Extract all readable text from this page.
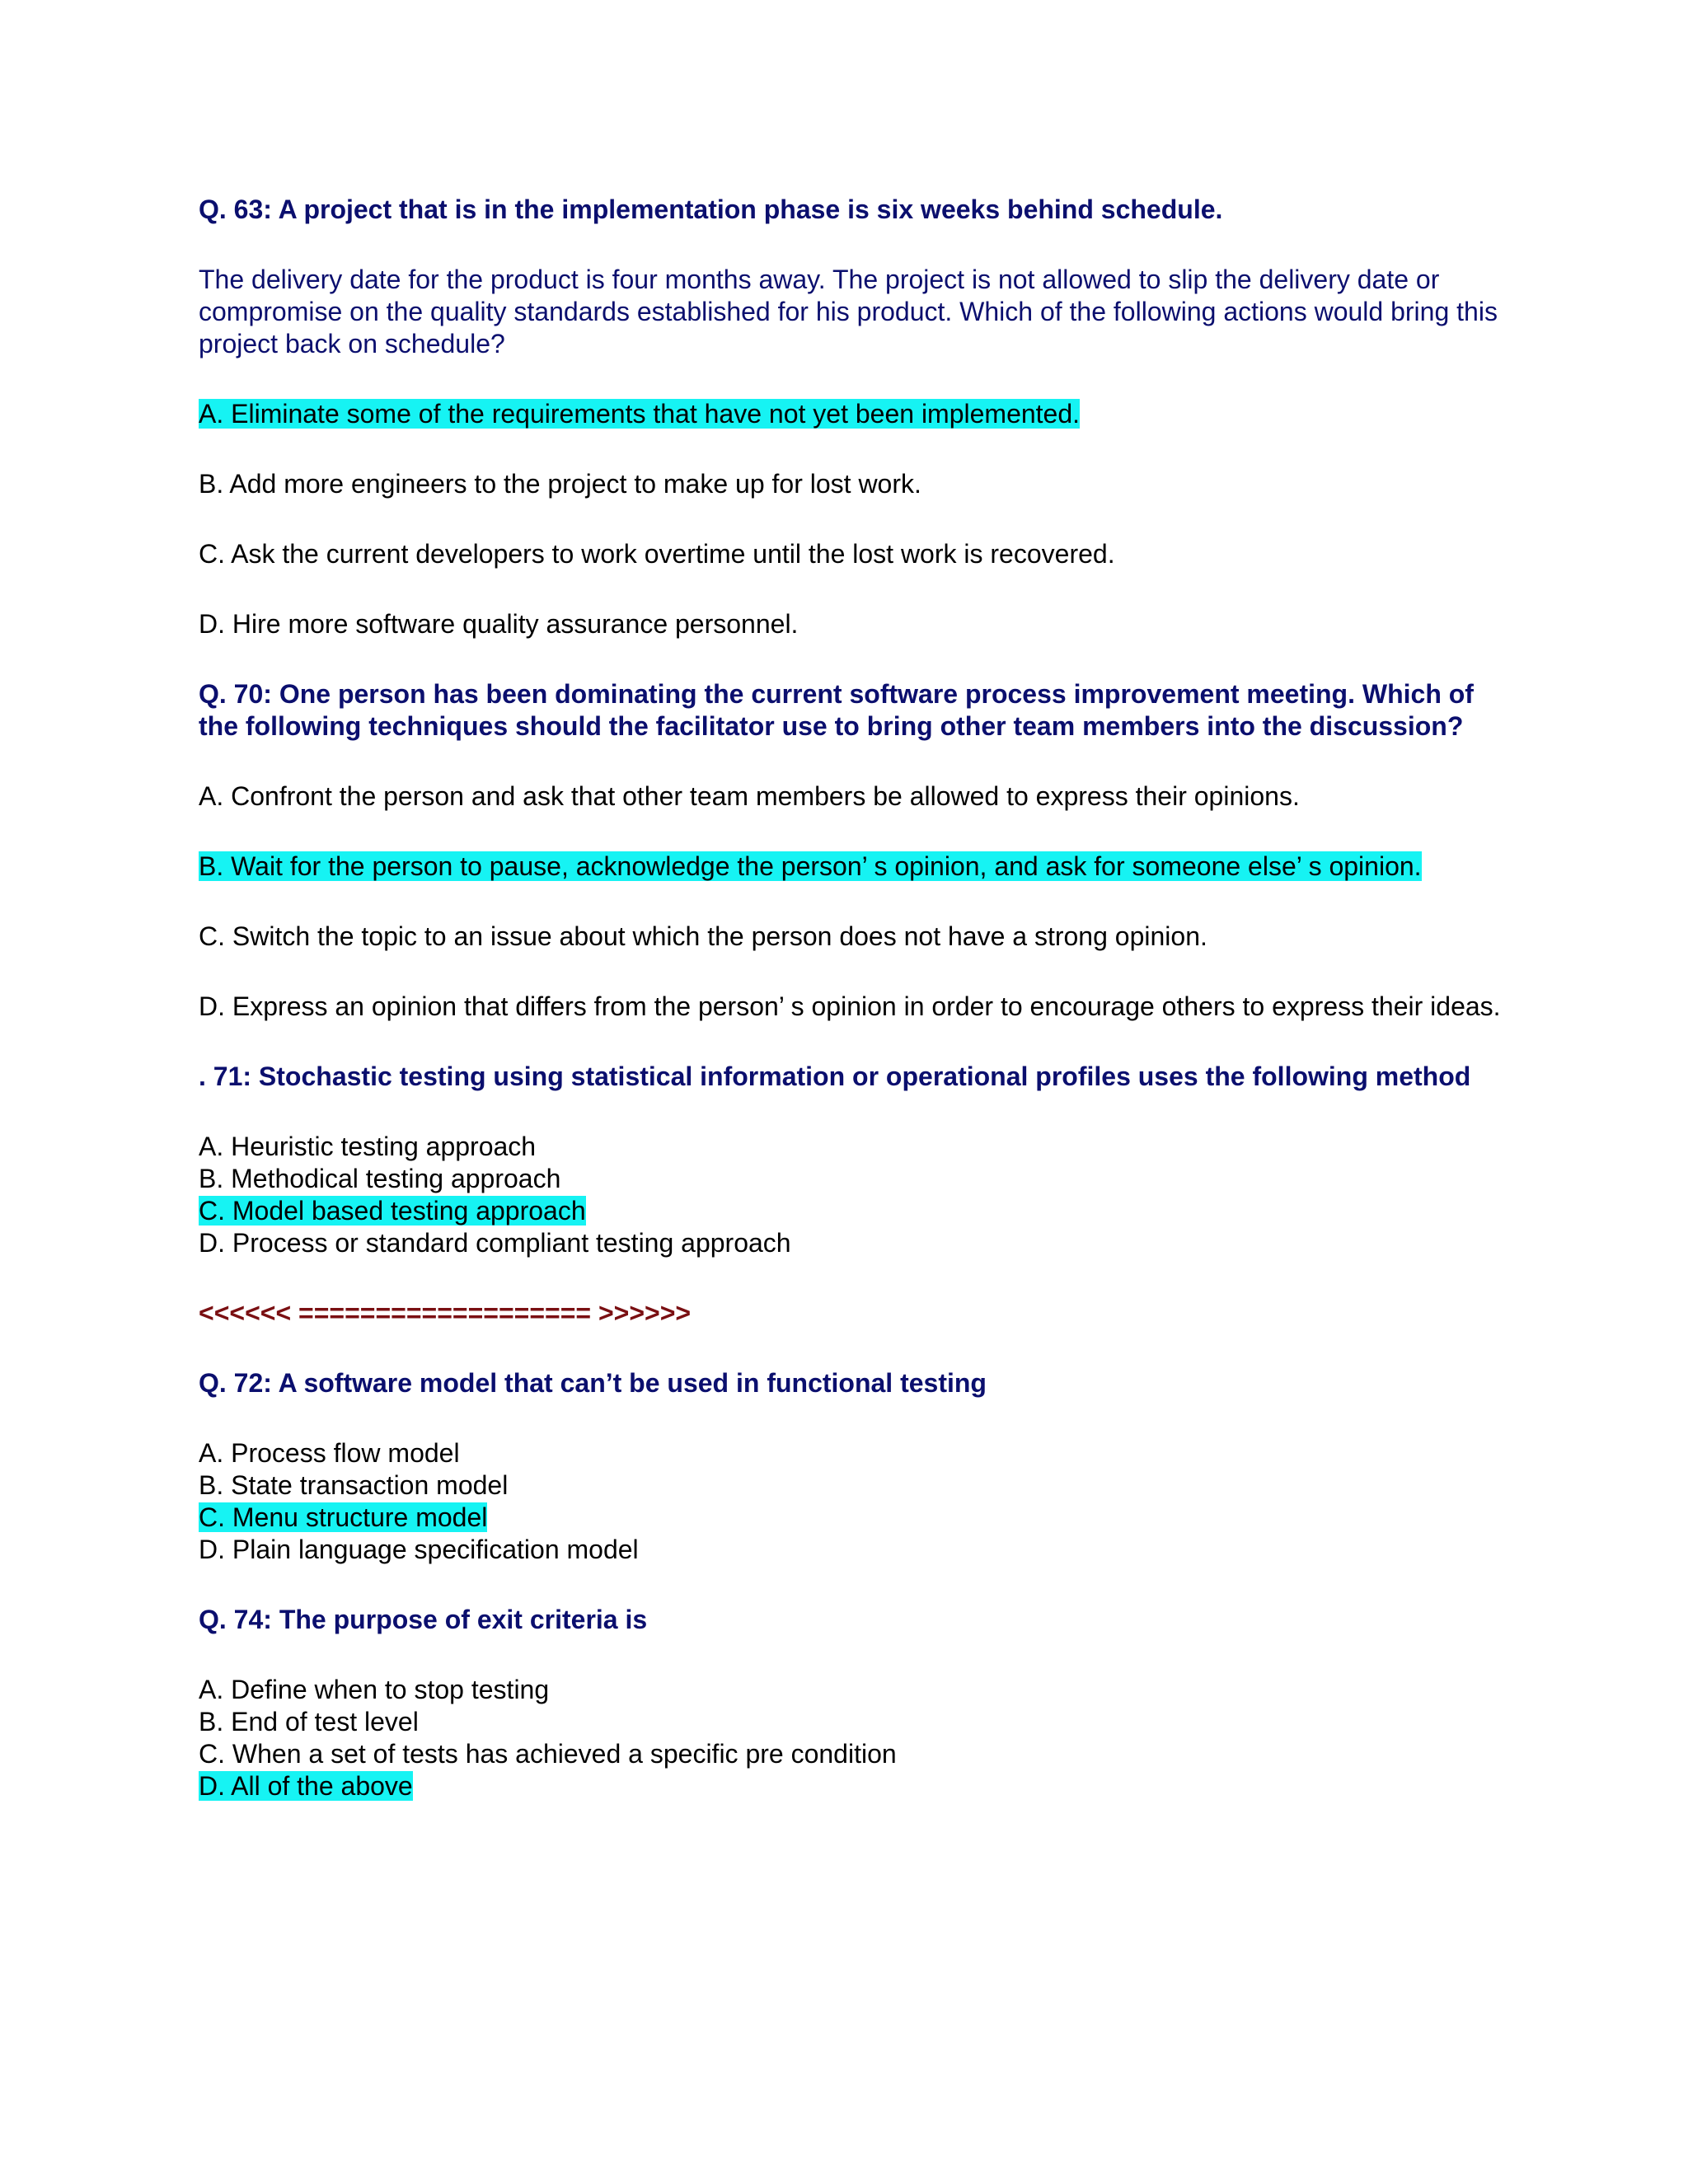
Q. 63: A project that is in the implementation phase is six weeks behind schedule.

The delivery date for the product is four months away. The project is not allowed to slip the delivery date or compromise on the quality standards established for his product. Which of the following actions would bring this project back on schedule?

A. Eliminate some of the requirements that have not yet been implemented.

B. Add more engineers to the project to make up for lost work.

C. Ask the current developers to work overtime until the lost work is recovered.

D. Hire more software quality assurance personnel.

Q. 70: One person has been dominating the current software process improvement meeting. Which of the following techniques should the facilitator use to bring other team members into the discussion?

A. Confront the person and ask that other team members be allowed to express their opinions.

B. Wait for the person to pause, acknowledge the person’ s opinion, and ask for someone else’ s opinion.

C. Switch the topic to an issue about which the person does not have a strong opinion.

D. Express an opinion that differs from the person’ s opinion in order to encourage others to express their ideas.

. 71: Stochastic testing using statistical information or operational profiles uses the following method

A. Heuristic testing approach

B. Methodical testing approach

C. Model based testing approach

D. Process or standard compliant testing approach

<<<<<< =================== >>>>>>

Q. 72: A software model that can’t be used in functional testing

A. Process flow model

B. State transaction model

C. Menu structure model

D. Plain language specification model

Q. 74: The purpose of exit criteria is

A. Define when to stop testing

B. End of test level

C. When a set of tests has achieved a specific pre condition

D. All of the above
